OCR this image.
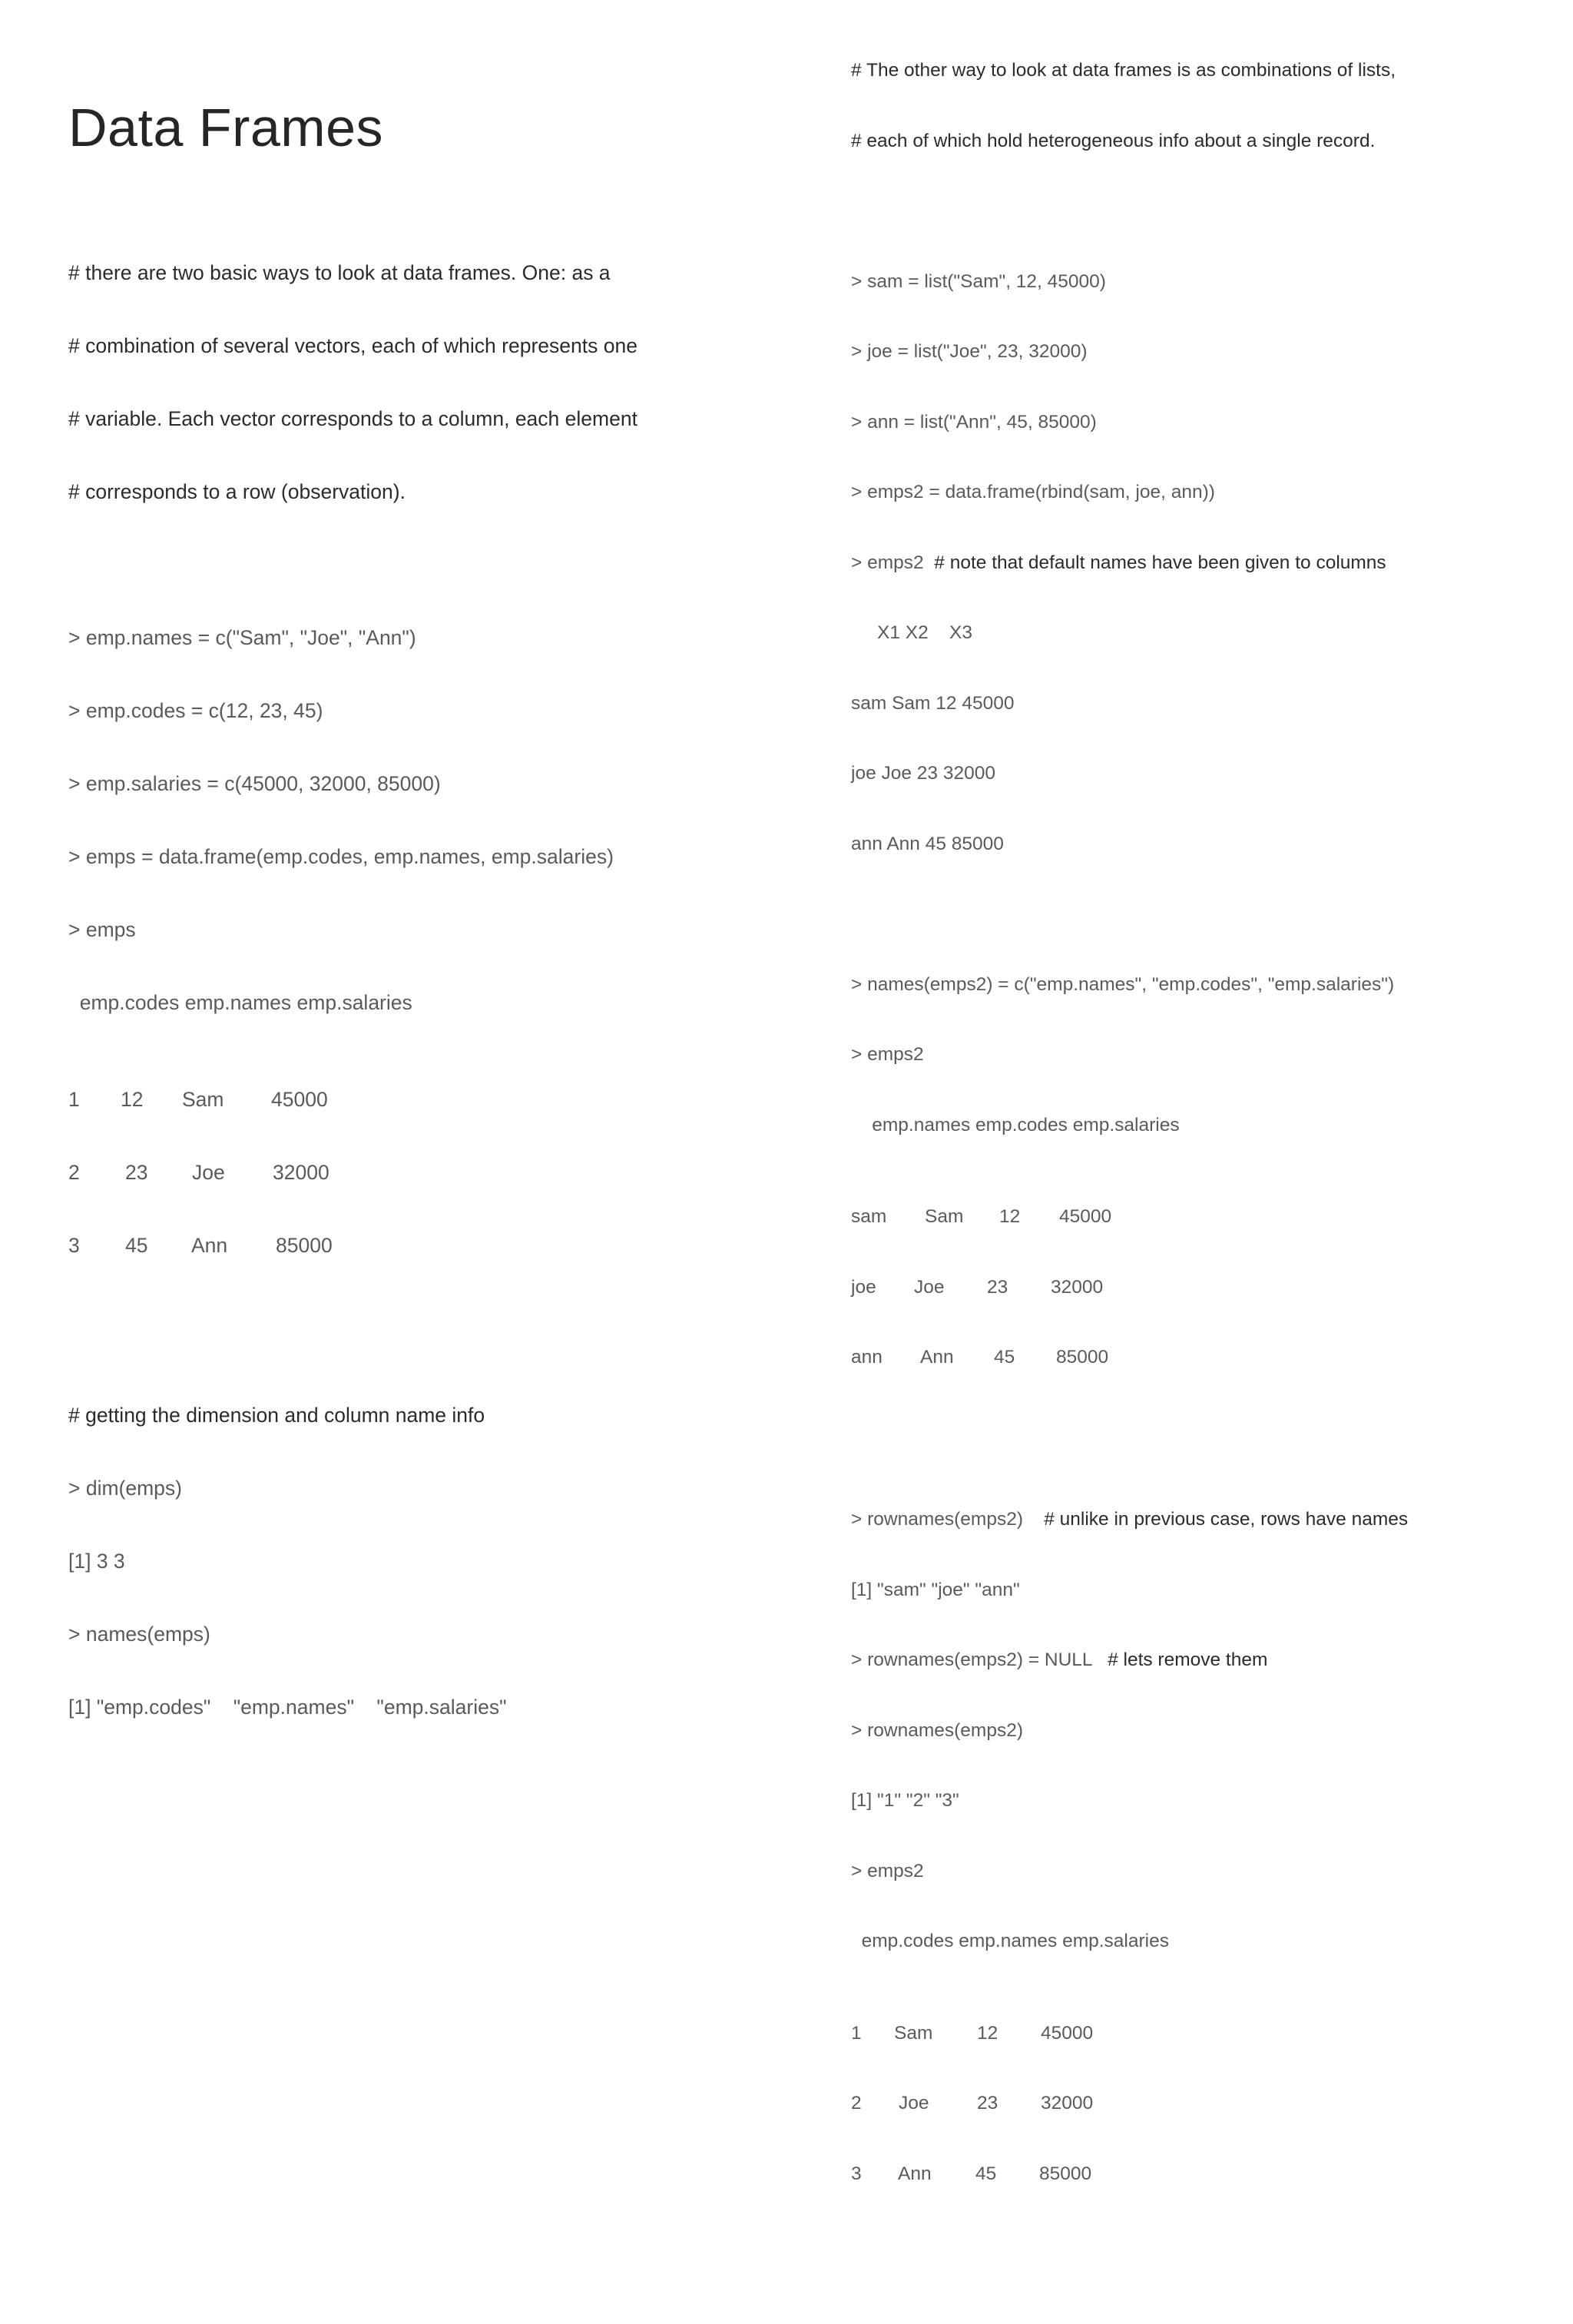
Data Frames

# there are two basic ways to look at data frames. One: as a

# combination of several vectors, each of which represents one

# variable. Each vector corresponds to a column, each element

# corresponds to a row (observation).

> emp.names = c("Sam", "Joe", "Ann")

> emp.codes = c(12, 23, 45)

> emp.salaries = c(45000, 32000, 85000)

> emps = data.frame(emp.codes, emp.names, emp.salaries)

> emps

emp.codes emp.names emp.salaries

1

12

Sam

45000

2

23

Joe

32000

3

45

Ann

85000

# getting the dimension and column name info

> dim(emps)

[1] 3 3

> names(emps)

[1] "emp.codes"    "emp.names"    "emp.salaries"

# The other way to look at data frames is as combinations of lists,

# each of which hold heterogeneous info about a single record.

> sam = list("Sam", 12, 45000)

> joe = list("Joe", 23, 32000)

> ann = list("Ann", 45, 85000)

> emps2 = data.frame(rbind(sam, joe, ann))

> emps2 # note that default names have been given to columns

X1 X2    X3

sam Sam 12 45000

joe Joe 23 32000

ann Ann 45 85000

> names(emps2) = c("emp.names", "emp.codes", "emp.salaries")

> emps2

emp.names emp.codes emp.salaries

sam

Sam

12

45000

joe

Joe

23

32000

ann

Ann

45

85000

> rownames(emps2) # unlike in previous case, rows have names

[1] "sam" "joe" "ann"

> rownames(emps2) = NULL # lets remove them

> rownames(emps2)

[1] "1" "2" "3"

> emps2

emp.codes emp.names emp.salaries

1

Sam

12

45000

2

Joe

	23

32000

3

Ann

45

85000
